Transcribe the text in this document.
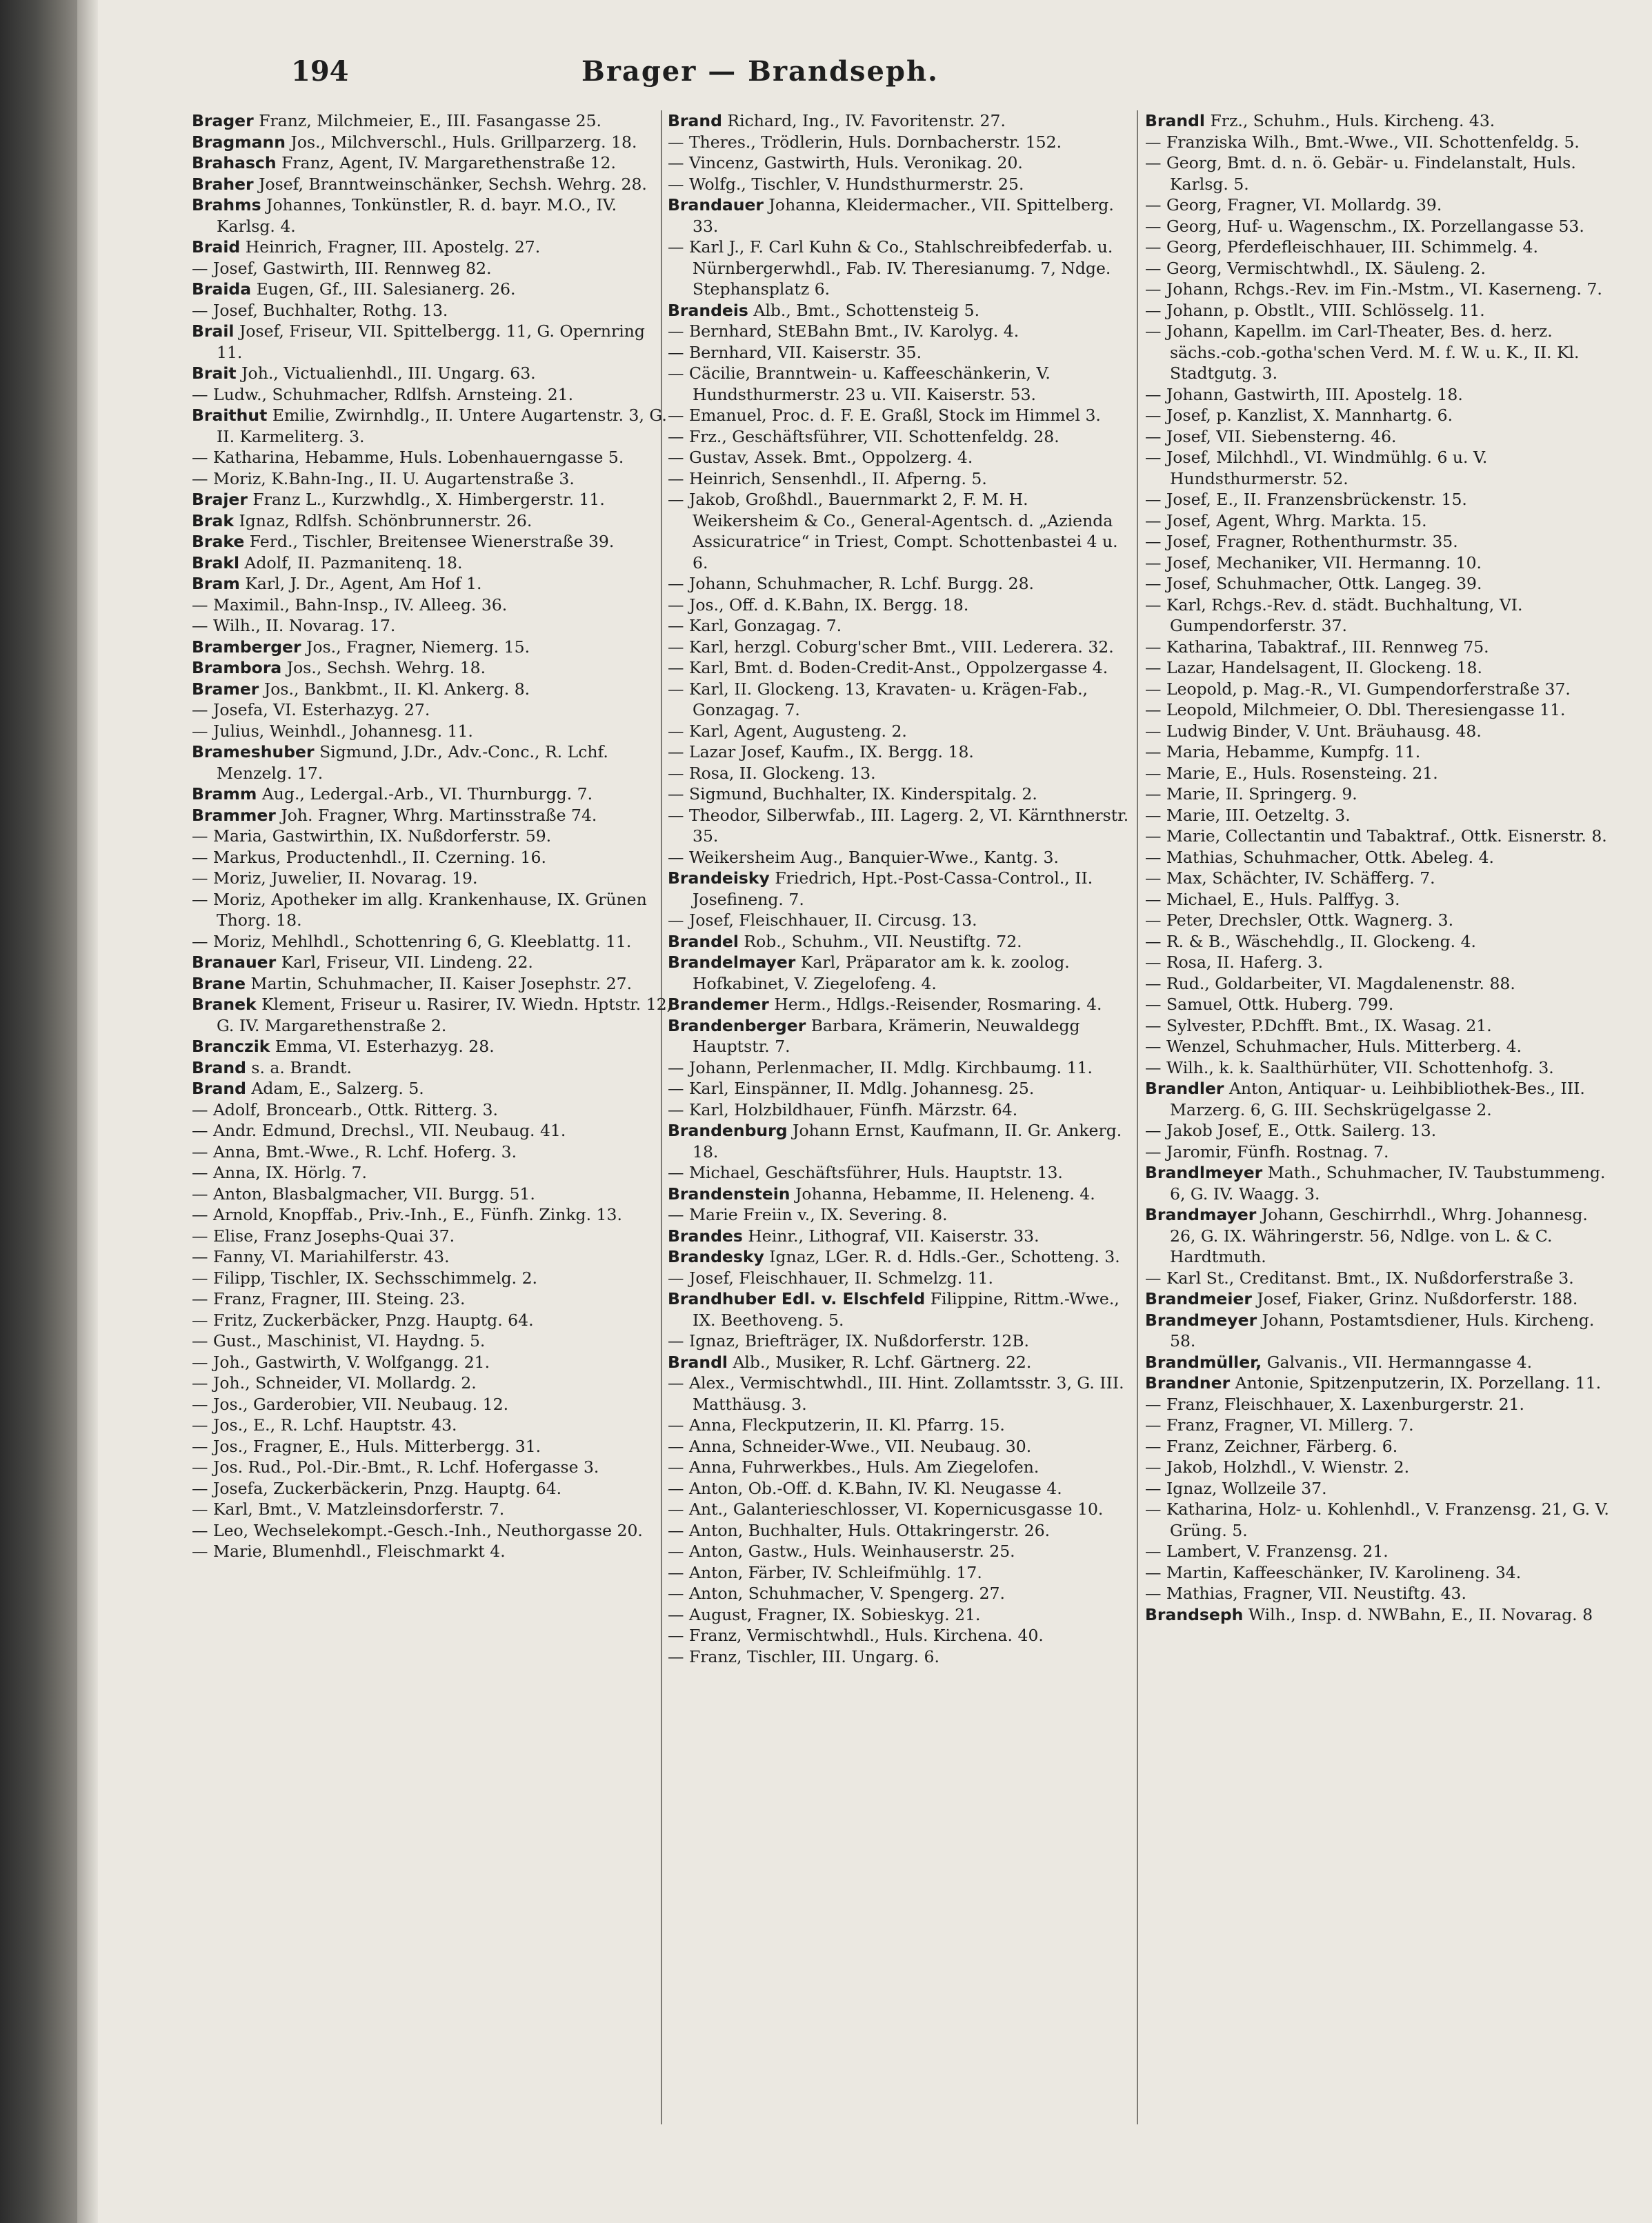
194	Brager — Brandseph.

Brager Franz, Milchmeier, E., III. Fasangasse 25.

Bragmann Jos., Milchverschl., Huls. Grillparzerg. 18.

Brahasch Franz, Agent, IV. Margarethenstraße 12.

Braher Josef, Branntweinschänker, Sechsh. Wehrg. 28.

Brahms Johannes, Tonkünstler, R. d. bayr. M.O., IV. Karlsg. 4.

Braid Heinrich, Fragner, III. Apostelg. 27.

— Josef, Gastwirth, III. Rennweg 82.

Braida Eugen, Gf., III. Salesianerg. 26.

— Josef, Buchhalter, Rothg. 13.

Brail Josef, Friseur, VII. Spittelbergg. 11, G. Opernring 11.

Brait Joh., Victualienhdl., III. Ungarg. 63.

— Ludw., Schuhmacher, Rdlfsh. Arnsteing. 21.

Braithut Emilie, Zwirnhdlg., II. Untere Augartenstr. 3, G. II. Karmeliterg. 3.

— Katharina, Hebamme, Huls. Lobenhauerngasse 5.

— Moriz, K.Bahn-Ing., II. U. Augartenstraße 3.

Brajer Franz L., Kurzwhdlg., X. Himbergerstr. 11.

Brak Ignaz, Rdlfsh. Schönbrunnerstr. 26.

Brake Ferd., Tischler, Breitensee Wienerstraße 39.

Brakl Adolf, II. Pazmanitenq. 18.

Bram Karl, J. Dr., Agent, Am Hof 1.

— Maximil., Bahn-Insp., IV. Alleeg. 36.

— Wilh., II. Novarag. 17.

Bramberger Jos., Fragner, Niemerg. 15.

Brambora Jos., Sechsh. Wehrg. 18.

Bramer Jos., Bankbmt., II. Kl. Ankerg. 8.

— Josefa, VI. Esterhazyg. 27.

— Julius, Weinhdl., Johannesg. 11.

Brameshuber Sigmund, J.Dr., Adv.-Conc., R. Lchf. Menzelg. 17.

Bramm Aug., Ledergal.-Arb., VI. Thurnburgg. 7.

Brammer Joh. Fragner, Whrg. Martinsstraße 74.

— Maria, Gastwirthin, IX. Nußdorferstr. 59.

— Markus, Productenhdl., II. Czerning. 16.

— Moriz, Juwelier, II. Novarag. 19.

— Moriz, Apotheker im allg. Krankenhause, IX. Grünen Thorg. 18.

— Moriz, Mehlhdl., Schottenring 6, G. Kleeblattg. 11.

Branauer Karl, Friseur, VII. Lindeng. 22.

Brane Martin, Schuhmacher, II. Kaiser Josephstr. 27.

Branek Klement, Friseur u. Rasirer, IV. Wiedn. Hptstr. 12, G. IV. Margarethenstraße 2.

Branczik Emma, VI. Esterhazyg. 28.

Brand s. a. Brandt.

Brand Adam, E., Salzerg. 5.

— Adolf, Broncearb., Ottk. Ritterg. 3.

— Andr. Edmund, Drechsl., VII. Neubaug. 41.

— Anna, Bmt.-Wwe., R. Lchf. Hoferg. 3.

— Anna, IX. Hörlg. 7.

— Anton, Blasbalgmacher, VII. Burgg. 51.

— Arnold, Knopffab., Priv.-Inh., E., Fünfh. Zinkg. 13.

— Elise, Franz Josephs-Quai 37.

— Fanny, VI. Mariahilferstr. 43.

— Filipp, Tischler, IX. Sechsschimmelg. 2.

— Franz, Fragner, III. Steing. 23.

— Fritz, Zuckerbäcker, Pnzg. Hauptg. 64.

— Gust., Maschinist, VI. Haydng. 5.

— Joh., Gastwirth, V. Wolfgangg. 21.

— Joh., Schneider, VI. Mollardg. 2.

— Jos., Garderobier, VII. Neubaug. 12.

— Jos., E., R. Lchf. Hauptstr. 43.

— Jos., Fragner, E., Huls. Mitterbergg. 31.

— Jos. Rud., Pol.-Dir.-Bmt., R. Lchf. Hofergasse 3.

— Josefa, Zuckerbäckerin, Pnzg. Hauptg. 64.

— Karl, Bmt., V. Matzleinsdorferstr. 7.

— Leo, Wechselekompt.-Gesch.-Inh., Neuthorgasse 20.

— Marie, Blumenhdl., Fleischmarkt 4.

Brand Richard, Ing., IV. Favoritenstr. 27.

— Theres., Trödlerin, Huls. Dornbacherstr. 152.

— Vincenz, Gastwirth, Huls. Veronikag. 20.

— Wolfg., Tischler, V. Hundsthurmerstr. 25.

Brandauer Johanna, Kleidermacher., VII. Spittelberg. 33.

— Karl J., F. Carl Kuhn & Co., Stahlschreibfederfab. u. Nürnbergerwhdl., Fab. IV. Theresianumg. 7, Ndge. Stephansplatz 6.

Brandeis Alb., Bmt., Schottensteig 5.

— Bernhard, StEBahn Bmt., IV. Karolyg. 4.

— Bernhard, VII. Kaiserstr. 35.

— Cäcilie, Branntwein- u. Kaffeeschänkerin, V. Hundsthurmerstr. 23 u. VII. Kaiserstr. 53.

— Emanuel, Proc. d. F. E. Graßl, Stock im Himmel 3.

— Frz., Geschäftsführer, VII. Schottenfeldg. 28.

— Gustav, Assek. Bmt., Oppolzerg. 4.

— Heinrich, Sensenhdl., II. Afperng. 5.

— Jakob, Großhdl., Bauernmarkt 2, F. M. H. Weikersheim & Co., General-Agentsch. d. „Azienda Assicuratrice“ in Triest, Compt. Schottenbastei 4 u. 6.

— Johann, Schuhmacher, R. Lchf. Burgg. 28.

— Jos., Off. d. K.Bahn, IX. Bergg. 18.

— Karl, Gonzagag. 7.

— Karl, herzgl. Coburg'scher Bmt., VIII. Lederera. 32.

— Karl, Bmt. d. Boden-Credit-Anst., Oppolzergasse 4.

— Karl, II. Glockeng. 13, Kravaten- u. Krägen-Fab., Gonzagag. 7.

— Karl, Agent, Augusteng. 2.

— Lazar Josef, Kaufm., IX. Bergg. 18.

— Rosa, II. Glockeng. 13.

— Sigmund, Buchhalter, IX. Kinderspitalg. 2.

— Theodor, Silberwfab., III. Lagerg. 2, VI. Kärnthnerstr. 35.

— Weikersheim Aug., Banquier-Wwe., Kantg. 3.

Brandeisky Friedrich, Hpt.-Post-Cassa-Control., II. Josefineng. 7.

— Josef, Fleischhauer, II. Circusg. 13.

Brandel Rob., Schuhm., VII. Neustiftg. 72.

Brandelmayer Karl, Präparator am k. k. zoolog. Hofkabinet, V. Ziegelofeng. 4.

Brandemer Herm., Hdlgs.-Reisender, Rosmaring. 4.

Brandenberger Barbara, Krämerin, Neuwaldegg Hauptstr. 7.

— Johann, Perlenmacher, II. Mdlg. Kirchbaumg. 11.

— Karl, Einspänner, II. Mdlg. Johannesg. 25.

— Karl, Holzbildhauer, Fünfh. Märzstr. 64.

Brandenburg Johann Ernst, Kaufmann, II. Gr. Ankerg. 18.

— Michael, Geschäftsführer, Huls. Hauptstr. 13.

Brandenstein Johanna, Hebamme, II. Heleneng. 4.

— Marie Freiin v., IX. Severing. 8.

Brandes Heinr., Lithograf, VII. Kaiserstr. 33.

Brandesky Ignaz, LGer. R. d. Hdls.-Ger., Schotteng. 3.

— Josef, Fleischhauer, II. Schmelzg. 11.

Brandhuber Edl. v. Elschfeld Filippine, Rittm.-Wwe., IX. Beethoveng. 5.

— Ignaz, Briefträger, IX. Nußdorferstr. 12B.

Brandl Alb., Musiker, R. Lchf. Gärtnerg. 22.

— Alex., Vermischtwhdl., III. Hint. Zollamtsstr. 3, G. III. Matthäusg. 3.

— Anna, Fleckputzerin, II. Kl. Pfarrg. 15.

— Anna, Schneider-Wwe., VII. Neubaug. 30.

— Anna, Fuhrwerkbes., Huls. Am Ziegelofen.

— Anton, Ob.-Off. d. K.Bahn, IV. Kl. Neugasse 4.

— Ant., Galanterieschlosser, VI. Kopernicusgasse 10.

— Anton, Buchhalter, Huls. Ottakringerstr. 26.

— Anton, Gastw., Huls. Weinhauserstr. 25.

— Anton, Färber, IV. Schleifmühlg. 17.

— Anton, Schuhmacher, V. Spengerg. 27.

— August, Fragner, IX. Sobieskyg. 21.

— Franz, Vermischtwhdl., Huls. Kirchena. 40.

— Franz, Tischler, III. Ungarg. 6.

Brandl Frz., Schuhm., Huls. Kircheng. 43.

— Franziska Wilh., Bmt.-Wwe., VII. Schottenfeldg. 5.

— Georg, Bmt. d. n. ö. Gebär- u. Findelanstalt, Huls. Karlsg. 5.

— Georg, Fragner, VI. Mollardg. 39.

— Georg, Huf- u. Wagenschm., IX. Porzellangasse 53.

— Georg, Pferdefleischhauer, III. Schimmelg. 4.

— Georg, Vermischtwhdl., IX. Säuleng. 2.

— Johann, Rchgs.-Rev. im Fin.-Mstm., VI. Kaserneng. 7.

— Johann, p. Obstlt., VIII. Schlösselg. 11.

— Johann, Kapellm. im Carl-Theater, Bes. d. herz. sächs.-cob.-gotha'schen Verd. M. f. W. u. K., II. Kl. Stadtgutg. 3.

— Johann, Gastwirth, III. Apostelg. 18.

— Josef, p. Kanzlist, X. Mannhartg. 6.

— Josef, VII. Siebensterng. 46.

— Josef, Milchhdl., VI. Windmühlg. 6 u. V. Hundsthurmerstr. 52.

— Josef, E., II. Franzensbrückenstr. 15.

— Josef, Agent, Whrg. Markta. 15.

— Josef, Fragner, Rothenthurmstr. 35.

— Josef, Mechaniker, VII. Hermanng. 10.

— Josef, Schuhmacher, Ottk. Langeg. 39.

— Karl, Rchgs.-Rev. d. städt. Buchhaltung, VI. Gumpendorferstr. 37.

— Katharina, Tabaktraf., III. Rennweg 75.

— Lazar, Handelsagent, II. Glockeng. 18.

— Leopold, p. Mag.-R., VI. Gumpendorferstraße 37.

— Leopold, Milchmeier, O. Dbl. Theresiengasse 11.

— Ludwig Binder, V. Unt. Bräuhausg. 48.

— Maria, Hebamme, Kumpfg. 11.

— Marie, E., Huls. Rosensteing. 21.

— Marie, II. Springerg. 9.

— Marie, III. Oetzeltg. 3.

— Marie, Collectantin und Tabaktraf., Ottk. Eisnerstr. 8.

— Mathias, Schuhmacher, Ottk. Abeleg. 4.

— Max, Schächter, IV. Schäfferg. 7.

— Michael, E., Huls. Palffyg. 3.

— Peter, Drechsler, Ottk. Wagnerg. 3.

— R. & B., Wäschehdlg., II. Glockeng. 4.

— Rosa, II. Haferg. 3.

— Rud., Goldarbeiter, VI. Magdalenenstr. 88.

— Samuel, Ottk. Huberg. 799.

— Sylvester, P.Dchfft. Bmt., IX. Wasag. 21.

— Wenzel, Schuhmacher, Huls. Mitterberg. 4.

— Wilh., k. k. Saalthürhüter, VII. Schottenhofg. 3.

Brandler Anton, Antiquar- u. Leihbibliothek-Bes., III. Marzerg. 6, G. III. Sechskrügelgasse 2.

— Jakob Josef, E., Ottk. Sailerg. 13.

— Jaromir, Fünfh. Rostnag. 7.

Brandlmeyer Math., Schuhmacher, IV. Taubstummeng. 6, G. IV. Waagg. 3.

Brandmayer Johann, Geschirrhdl., Whrg. Johannesg. 26, G. IX. Währingerstr. 56, Ndlge. von L. & C. Hardtmuth.

— Karl St., Creditanst. Bmt., IX. Nußdorferstraße 3.

Brandmeier Josef, Fiaker, Grinz. Nußdorferstr. 188.

Brandmeyer Johann, Postamtsdiener, Huls. Kircheng. 58.

Brandmüller, Galvanis., VII. Hermanngasse 4.

Brandner Antonie, Spitzenputzerin, IX. Porzellang. 11.

— Franz, Fleischhauer, X. Laxenburgerstr. 21.

— Franz, Fragner, VI. Millerg. 7.

— Franz, Zeichner, Färberg. 6.

— Jakob, Holzhdl., V. Wienstr. 2.

— Ignaz, Wollzeile 37.

— Katharina, Holz- u. Kohlenhdl., V. Franzensg. 21, G. V. Grüng. 5.

— Lambert, V. Franzensg. 21.

— Martin, Kaffeeschänker, IV. Karolineng. 34.

— Mathias, Fragner, VII. Neustiftg. 43.

Brandseph Wilh., Insp. d. NWBahn, E., II. Novarag. 8
